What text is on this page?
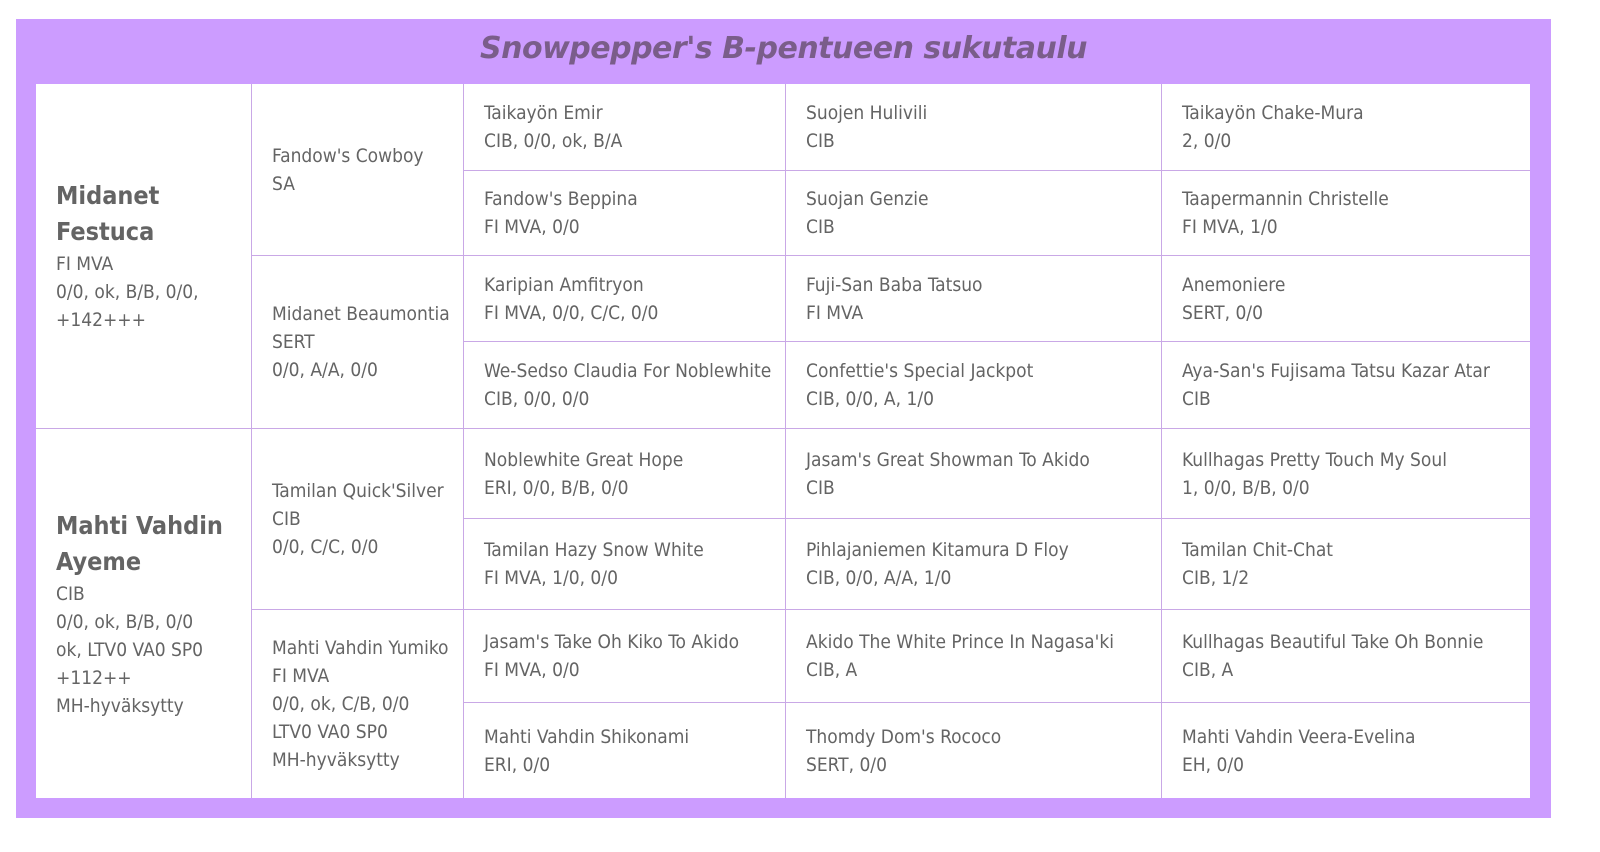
Snowpepper's B-pentueen sukutaulu
Midanet Festuca
FI MVA
0/0, ok, B/B, 0/0,
+142+++
Mahti Vahdin Ayeme
CIB
0/0, ok, B/B, 0/0
ok, LTV0 VA0 SP0
+112++
MH-hyväksytty
Fandow's Cowboy
SA
Midanet Beaumontia
SERT
0/0, A/A, 0/0
Tamilan Quick'Silver
CIB
0/0, C/C, 0/0
Mahti Vahdin Yumiko
FI MVA
0/0, ok, C/B, 0/0
LTV0 VA0 SP0
MH-hyväksytty
Taikayön Emir
CIB, 0/0, ok, B/A
Fandow's Beppina
FI MVA, 0/0
Karipian Amfitryon
FI MVA, 0/0, C/C, 0/0
We-Sedso Claudia For Noblewhite
CIB, 0/0, 0/0
Noblewhite Great Hope
ERI, 0/0, B/B, 0/0
Tamilan Hazy Snow White
FI MVA, 1/0, 0/0
Jasam's Take Oh Kiko To Akido
FI MVA, 0/0
Mahti Vahdin Shikonami
ERI, 0/0
Suojen Hulivili
CIB
Suojan Genzie
CIB
Fuji-San Baba Tatsuo
FI MVA
Confettie's Special Jackpot
CIB, 0/0, A, 1/0
Jasam's Great Showman To Akido
CIB
Pihlajaniemen Kitamura D Floy
CIB, 0/0, A/A, 1/0
Akido The White Prince In Nagasa'ki
CIB, A
Thomdy Dom's Rococo
SERT, 0/0
Taikayön Chake-Mura
2, 0/0
Taapermannin Christelle
FI MVA, 1/0
Anemoniere
SERT, 0/0
Aya-San's Fujisama Tatsu Kazar Atar
CIB
Kullhagas Pretty Touch My Soul
1, 0/0, B/B, 0/0
Tamilan Chit-Chat
CIB, 1/2
Kullhagas Beautiful Take Oh Bonnie
CIB, A
Mahti Vahdin Veera-Evelina
EH, 0/0
